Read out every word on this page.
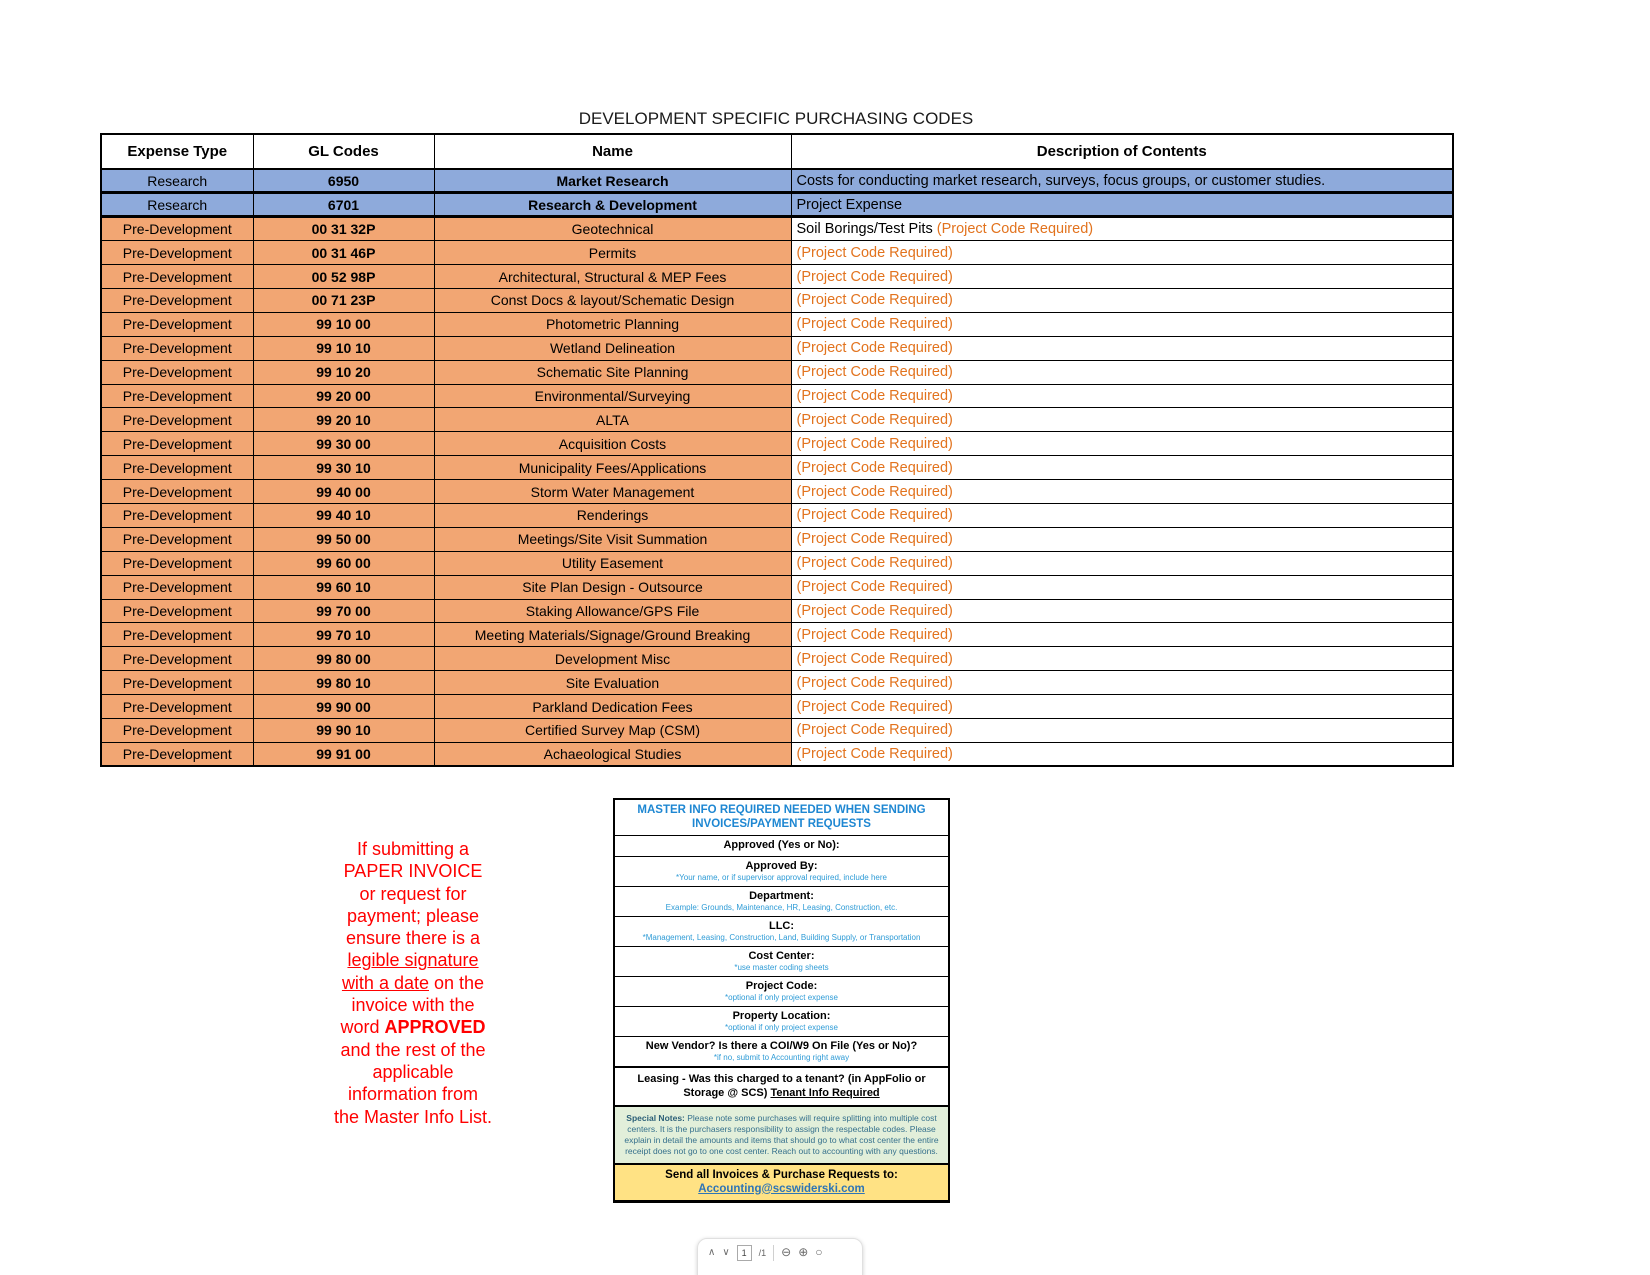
DEVELOPMENT SPECIFIC PURCHASING CODES
Expense Type	GL Codes	Name	Description of Contents
Research	6950	Market Research	Costs for conducting market research, surveys, focus groups, or customer studies.
Research	6701	Research & Development	Project Expense
Pre-Development	00 31 32P	Geotechnical	Soil Borings/Test Pits (Project Code Required)
Pre-Development	00 31 46P	Permits	(Project Code Required)
Pre-Development	00 52 98P	Architectural, Structural & MEP Fees	(Project Code Required)
Pre-Development	00 71 23P	Const Docs & layout/Schematic Design	(Project Code Required)
Pre-Development	99 10 00	Photometric Planning	(Project Code Required)
Pre-Development	99 10 10	Wetland Delineation	(Project Code Required)
Pre-Development	99 10 20	Schematic Site Planning	(Project Code Required)
Pre-Development	99 20 00	Environmental/Surveying	(Project Code Required)
Pre-Development	99 20 10	ALTA	(Project Code Required)
Pre-Development	99 30 00	Acquisition Costs	(Project Code Required)
Pre-Development	99 30 10	Municipality Fees/Applications	(Project Code Required)
Pre-Development	99 40 00	Storm Water Management	(Project Code Required)
Pre-Development	99 40 10	Renderings	(Project Code Required)
Pre-Development	99 50 00	Meetings/Site Visit Summation	(Project Code Required)
Pre-Development	99 60 00	Utility Easement	(Project Code Required)
Pre-Development	99 60 10	Site Plan Design - Outsource	(Project Code Required)
Pre-Development	99 70 00	Staking Allowance/GPS File	(Project Code Required)
Pre-Development	99 70 10	Meeting Materials/Signage/Ground Breaking	(Project Code Required)
Pre-Development	99 80 00	Development Misc	(Project Code Required)
Pre-Development	99 80 10	Site Evaluation	(Project Code Required)
Pre-Development	99 90 00	Parkland Dedication Fees	(Project Code Required)
Pre-Development	99 90 10	Certified Survey Map (CSM)	(Project Code Required)
Pre-Development	99 91 00	Achaeological Studies	(Project Code Required)
If submitting a
PAPER INVOICE
or request for
payment; please
ensure there is a
legible signature
with a date on the
invoice with the
word APPROVED
and the rest of the
applicable
information from
the Master Info List.
MASTER INFO REQUIRED NEEDED WHEN SENDING
INVOICES/PAYMENT REQUESTS
Approved (Yes or No):
Approved By:
*Your name, or if supervisor approval required, include here
Department:
Example: Grounds, Maintenance, HR, Leasing, Construction, etc.
LLC:
*Management, Leasing, Construction, Land, Building Supply, or Transportation
Cost Center:
*use master coding sheets
Project Code:
*optional if only project expense
Property Location:
*optional if only project expense
New Vendor? Is there a COI/W9 On File (Yes or No)?
*if no, submit to Accounting right away
Leasing - Was this charged to a tenant? (in AppFolio or Storage @ SCS) Tenant Info Required
Special Notes: Please note some purchases will require splitting into multiple cost centers. It is the purchasers responsibility to assign the respectable codes. Please explain in detail the amounts and items that should go to what cost center the entire receipt does not go to one cost center. Reach out to accounting with any questions.
Send all Invoices & Purchase Requests to:
Accounting@scswiderski.com
∧ ∨	1	/1 ⊖ ⊕ ○
